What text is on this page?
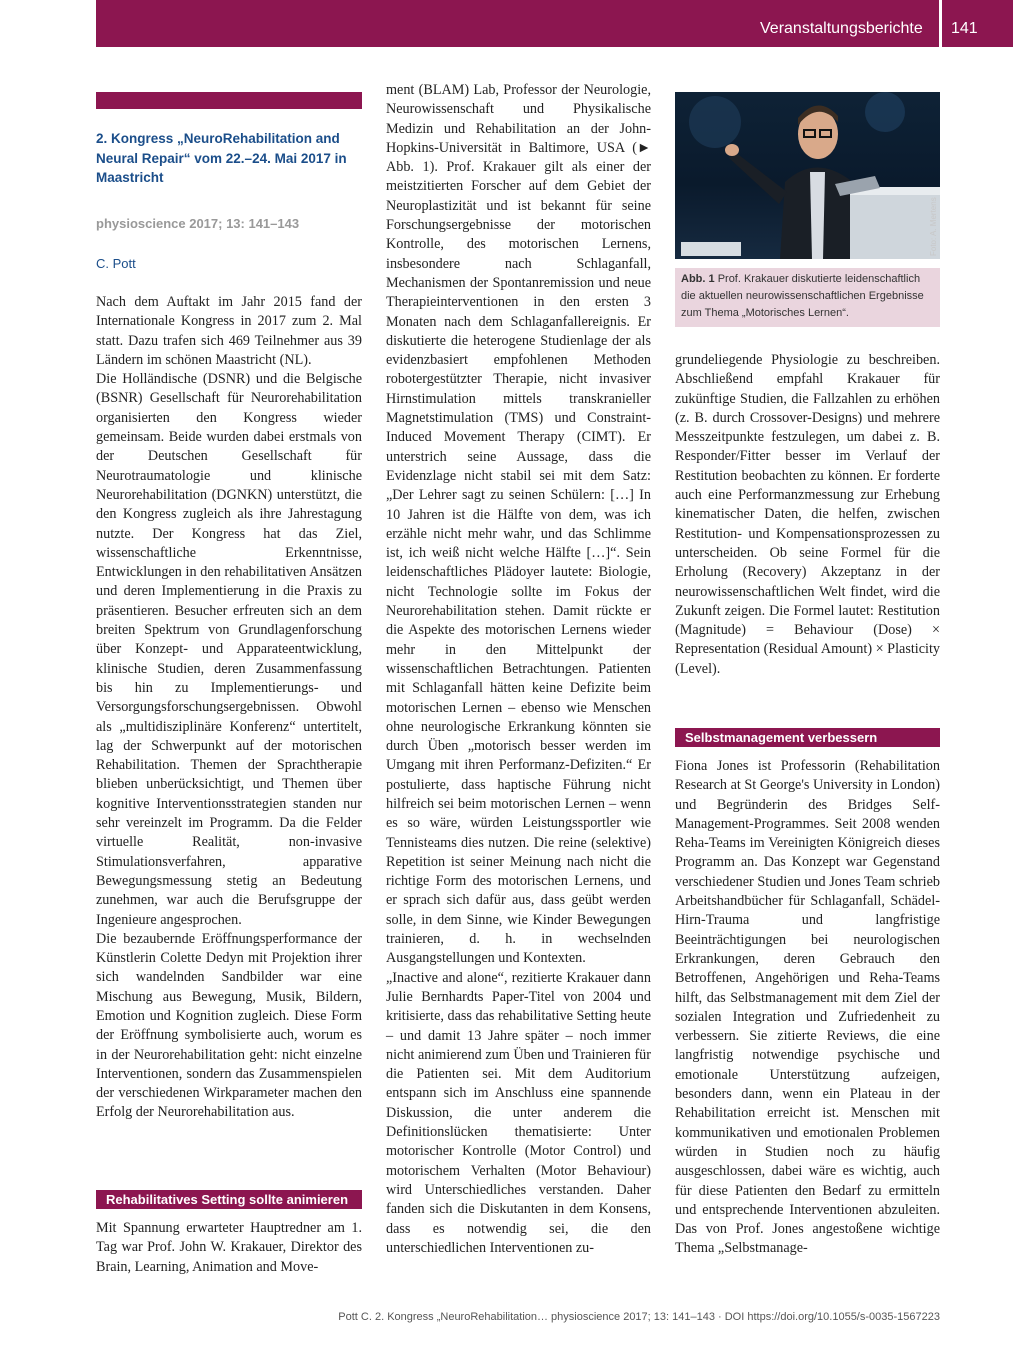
Veranstaltungsberichte	141
2. Kongress „NeuroRehabilitation and Neural Repair“ vom 22.–24. Mai 2017 in Maastricht
physioscience 2017; 13: 141–143
C. Pott

Nach dem Auftakt im Jahr 2015 fand der Internationale Kongress in 2017 zum 2. Mal statt. Dazu trafen sich 469 Teilnehmer aus 39 Ländern im schönen Maastricht (NL).

Die Holländische (DSNR) und die Belgische (BSNR) Gesellschaft für Neurorehabilitation organisierten den Kongress wieder gemeinsam. Beide wurden dabei erstmals von der Deutschen Gesellschaft für Neurotraumatologie und klinische Neurorehabilitation (DGNKN) unterstützt, die den Kongress zugleich als ihre Jahrestagung nutzte. Der Kongress hat das Ziel, wissenschaftliche Erkenntnisse, Entwicklungen in den rehabilitativen Ansätzen und deren Implementierung in die Praxis zu präsentieren. Besucher erfreuten sich an dem breiten Spektrum von Grundlagenforschung über Konzept- und Apparateentwicklung, klinische Studien, deren Zusammenfassung bis hin zu Implementierungs- und Versorgungsforschungsergebnissen. Obwohl als „multidisziplinäre Konferenz“ untertitelt, lag der Schwerpunkt auf der motorischen Rehabilitation. Themen der Sprachtherapie blieben unberücksichtigt, und Themen über kognitive Interventionsstrategien standen nur sehr vereinzelt im Programm. Da die Felder virtuelle Realität, non-invasive Stimulationsverfahren, apparative Bewegungsmessung stetig an Bedeutung zunehmen, war auch die Berufsgruppe der Ingenieure angesprochen.

Die bezaubernde Eröffnungsperformance der Künstlerin Colette Dedyn mit Projektion ihrer sich wandelnden Sandbilder war eine Mischung aus Bewegung, Musik, Bildern, Emotion und Kognition zugleich. Diese Form der Eröffnung symbolisierte auch, worum es in der Neurorehabilitation geht: nicht einzelne Interventionen, sondern das Zusammenspielen der verschiedenen Wirkparameter machen den Erfolg der Neurorehabilitation aus.

Rehabilitatives Setting sollte animieren

Mit Spannung erwarteter Hauptredner am 1. Tag war Prof. John W. Krakauer, Direktor des Brain, Learning, Animation and Move-

ment (BLAM) Lab, Professor der Neurologie, Neurowissenschaft und Physikalische Medizin und Rehabilitation an der John-Hopkins-Universität in Baltimore, USA (► Abb. 1). Prof. Krakauer gilt als einer der meistzitierten Forscher auf dem Gebiet der Neuroplastizität und ist bekannt für seine Forschungsergebnisse der motorischen Kontrolle, des motorischen Lernens, insbesondere nach Schlaganfall, Mechanismen der Spontanremission und neue Therapieinterventionen in den ersten 3 Monaten nach dem Schlaganfallereignis. Er diskutierte die heterogene Studienlage der als evidenzbasiert empfohlenen Methoden robotergestützter Therapie, nicht invasiver Hirnstimulation mittels transkranieller Magnetstimulation (TMS) und Constraint-Induced Movement Therapy (CIMT). Er unterstrich seine Aussage, dass die Evidenzlage nicht stabil sei mit dem Satz: „Der Lehrer sagt zu seinen Schülern: […] In 10 Jahren ist die Hälfte von dem, was ich erzähle nicht mehr wahr, und das Schlimme ist, ich weiß nicht welche Hälfte […]“. Sein leidenschaftliches Plädoyer lautete: Biologie, nicht Technologie sollte im Fokus der Neurorehabilitation stehen. Damit rückte er die Aspekte des motorischen Lernens wieder mehr in den Mittelpunkt der wissenschaftlichen Betrachtungen. Patienten mit Schlaganfall hätten keine Defizite beim motorischen Lernen – ebenso wie Menschen ohne neurologische Erkrankung könnten sie durch Üben „motorisch besser werden im Umgang mit ihren Performanz-Defiziten.“ Er postulierte, dass haptische Führung nicht hilfreich sei beim motorischen Lernen – wenn es so wäre, würden Leistungssportler wie Tennisteams dies nutzen. Die reine (selektive) Repetition ist seiner Meinung nach nicht die richtige Form des motorischen Lernens, und er sprach sich dafür aus, dass geübt werden solle, in dem Sinne, wie Kinder Bewegungen trainieren, d. h. in wechselnden Ausgangstellungen und Kontexten.

„Inactive and alone“, rezitierte Krakauer dann Julie Bernhardts Paper-Titel von 2004 und kritisierte, dass das rehabilitative Setting heute – und damit 13 Jahre später – noch immer nicht animierend zum Üben und Trainieren für die Patienten sei. Mit dem Auditorium entspann sich im Anschluss eine spannende Diskussion, die unter anderem die Definitionslücken thematisierte: Unter motorischer Kontrolle (Motor Control) und motorischem Verhalten (Motor Behaviour) wird Unterschiedliches verstanden. Daher fanden sich die Diskutanten in dem Konsens, dass es notwendig sei, die den unterschiedlichen Interventionen zu-

Foto: A. Mertens
Abb. 1 Prof. Krakauer diskutierte leidenschaftlich die aktuellen neurowissenschaftlichen Ergebnisse zum Thema „Motorisches Lernen“.

grundeliegende Physiologie zu beschreiben. Abschließend empfahl Krakauer für zukünftige Studien, die Fallzahlen zu erhöhen (z. B. durch Crossover-Designs) und mehrere Messzeitpunkte festzulegen, um dabei z. B. Responder/Fitter besser im Verlauf der Restitution beobachten zu können. Er forderte auch eine Performanzmessung zur Erhebung kinematischer Daten, die helfen, zwischen Restitution- und Kompensationsprozessen zu unterscheiden. Ob seine Formel für die Erholung (Recovery) Akzeptanz in der neurowissenschaftlichen Welt findet, wird die Zukunft zeigen. Die Formel lautet: Restitution (Magnitude) = Behaviour (Dose) × Representation (Residual Amount) × Plasticity (Level).

Selbstmanagement verbessern

Fiona Jones ist Professorin (Rehabilitation Research at St George's University in London) und Begründerin des Bridges Self-Management-Programmes. Seit 2008 wenden Reha-Teams im Vereinigten Königreich dieses Programm an. Das Konzept war Gegenstand verschiedener Studien und Jones Team schrieb Arbeitshandbücher für Schlaganfall, Schädel-Hirn-Trauma und langfristige Beeinträchtigungen bei neurologischen Erkrankungen, deren Gebrauch den Betroffenen, Angehörigen und Reha-Teams hilft, das Selbstmanagement mit dem Ziel der sozialen Integration und Zufriedenheit zu verbessern. Sie zitierte Reviews, die eine langfristig notwendige psychische und emotionale Unterstützung aufzeigen, besonders dann, wenn ein Plateau in der Rehabilitation erreicht ist. Menschen mit kommunikativen und emotionalen Problemen würden in Studien noch zu häufig ausgeschlossen, dabei wäre es wichtig, auch für diese Patienten den Bedarf zu ermitteln und entsprechende Interventionen abzuleiten. Das von Prof. Jones angestoßene wichtige Thema „Selbstmanage-

Pott C. 2. Kongress „NeuroRehabilitation… physioscience 2017; 13: 141–143 · DOI https://doi.org/10.1055/s-0035-1567223
